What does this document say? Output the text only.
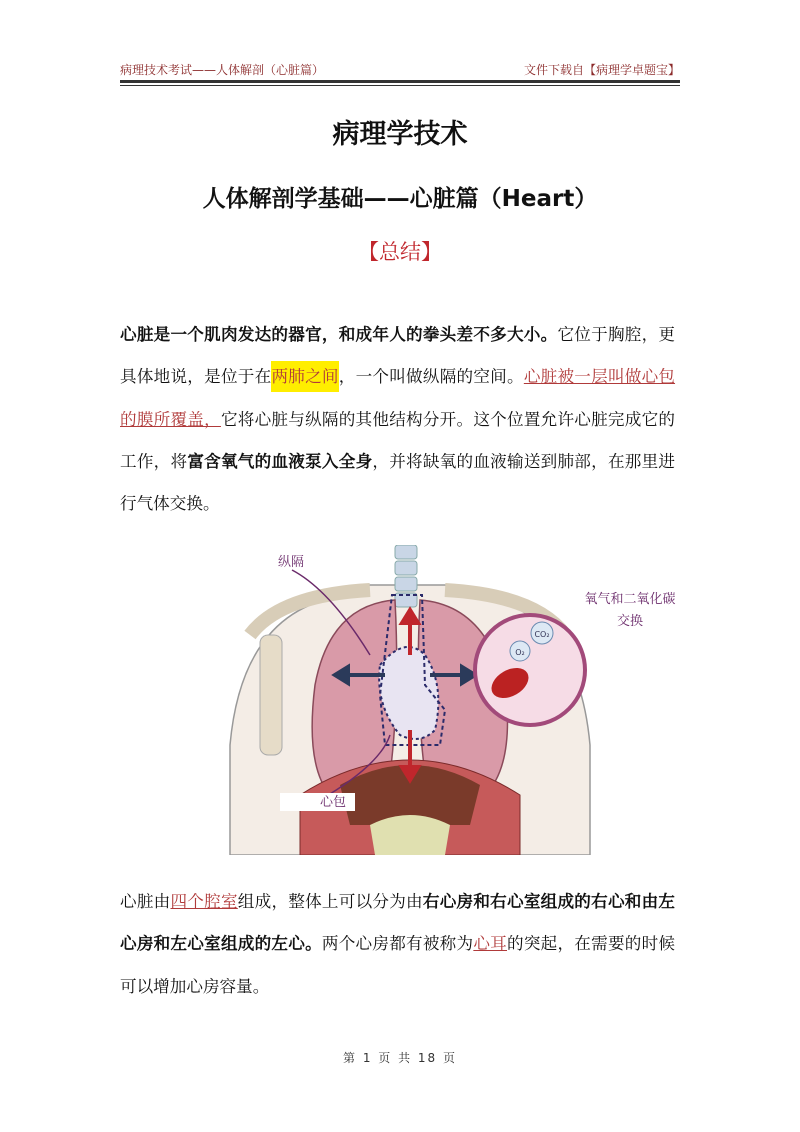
病理技术考试——人体解剖（心脏篇）	文件下载自【病理学卓题宝】
病理学技术
人体解剖学基础——心脏篇（Heart）
【总结】
心脏是一个肌肉发达的器官，和成年人的拳头差不多大小。它位于胸腔，更具体地说，是位于在两肺之间，一个叫做纵隔的空间。心脏被一层叫做心包的膜所覆盖，它将心脏与纵隔的其他结构分开。这个位置允许心脏完成它的工作，将富含氧气的血液泵入全身，并将缺氧的血液输送到肺部，在那里进行气体交换。
O₂
CO₂
纵隔
心包
氧气和二氧化碳
交换
心脏由四个腔室组成，整体上可以分为由右心房和右心室组成的右心和由左心房和左心室组成的左心。两个心房都有被称为心耳的突起，在需要的时候可以增加心房容量。
第 1 页 共 18 页
